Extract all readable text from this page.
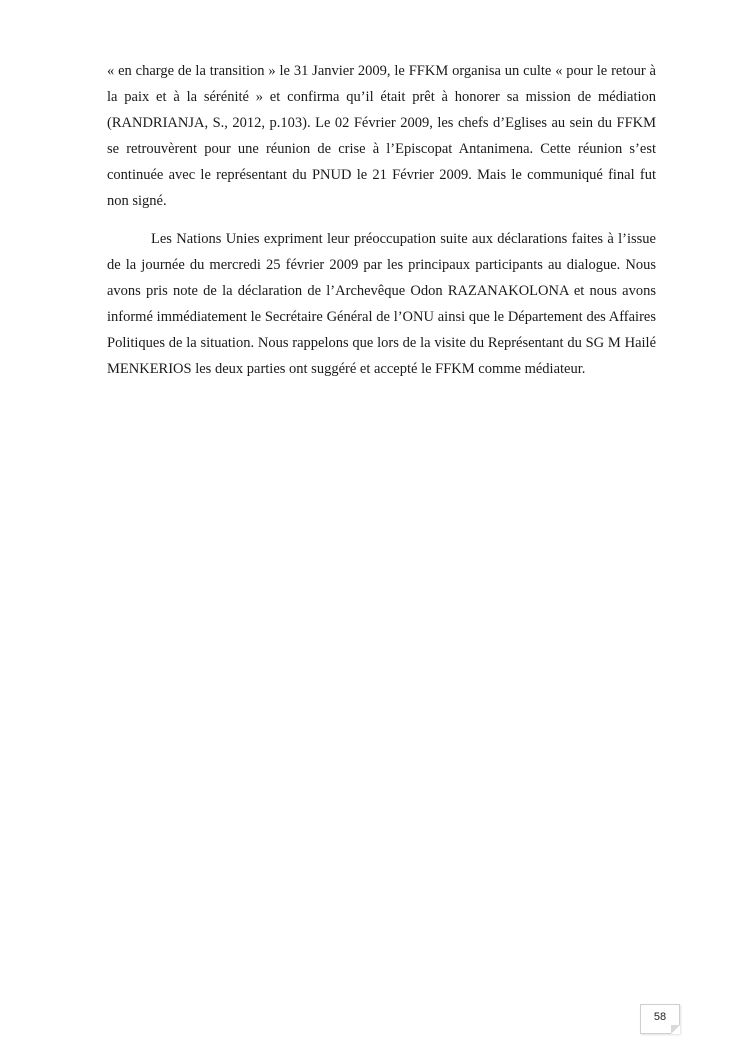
« en charge de la transition » le 31 Janvier 2009, le FFKM organisa un culte « pour le retour à la paix et à la sérénité » et confirma qu’il était prêt à honorer sa mission de médiation (RANDRIANJA, S., 2012, p.103). Le 02 Février 2009, les chefs d’Eglises au sein du FFKM se retrouvèrent pour une réunion de crise à l’Episcopat Antanimena. Cette réunion s’est continuée avec le représentant du PNUD le 21 Février 2009. Mais le communiqué final fut non signé.

Les Nations Unies expriment leur préoccupation suite aux déclarations faites à l’issue de la journée du mercredi 25 février 2009 par les principaux participants au dialogue. Nous avons pris note de la déclaration de l’Archevêque Odon RAZANAKOLONA et nous avons informé immédiatement le Secrétaire Général de l’ONU ainsi que le Département des Affaires Politiques de la situation. Nous rappelons que lors de la visite du Représentant du SG M Hailé MENKERIOS les deux parties ont suggéré et accepté le FFKM comme médiateur.

58
